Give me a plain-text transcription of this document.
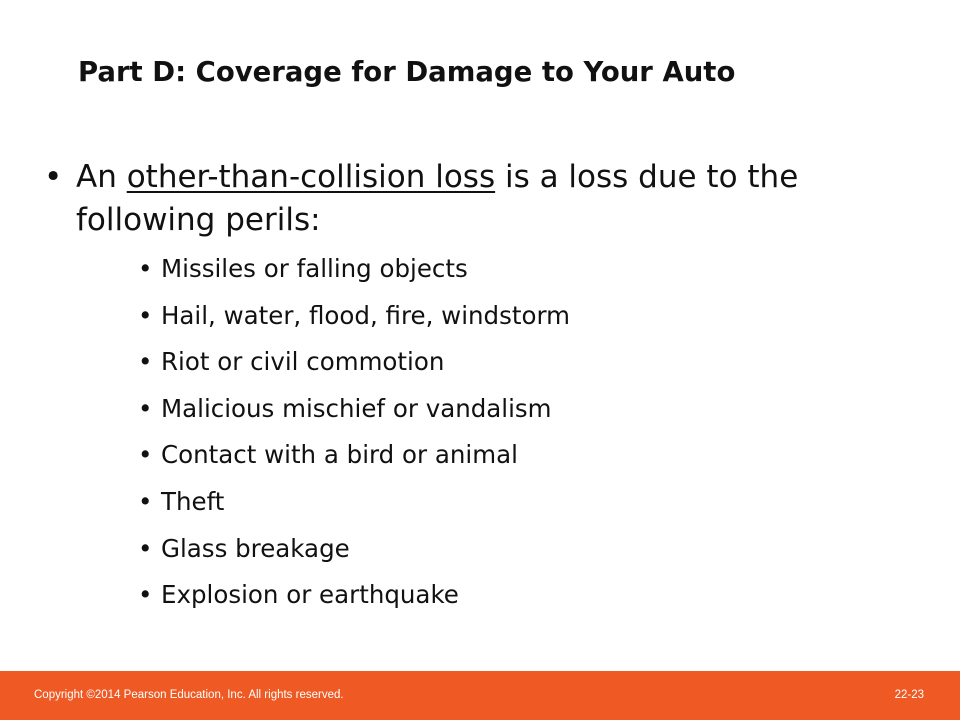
Part D: Coverage for Damage to Your Auto
• An other-than-collision loss is a loss due to the following perils:
• Missiles or falling objects
• Hail, water, flood, fire, windstorm
• Riot or civil commotion
• Malicious mischief or vandalism
• Contact with a bird or animal
• Theft
• Glass breakage
• Explosion or earthquake
Copyright ©2014 Pearson Education, Inc. All rights reserved.	22-23
